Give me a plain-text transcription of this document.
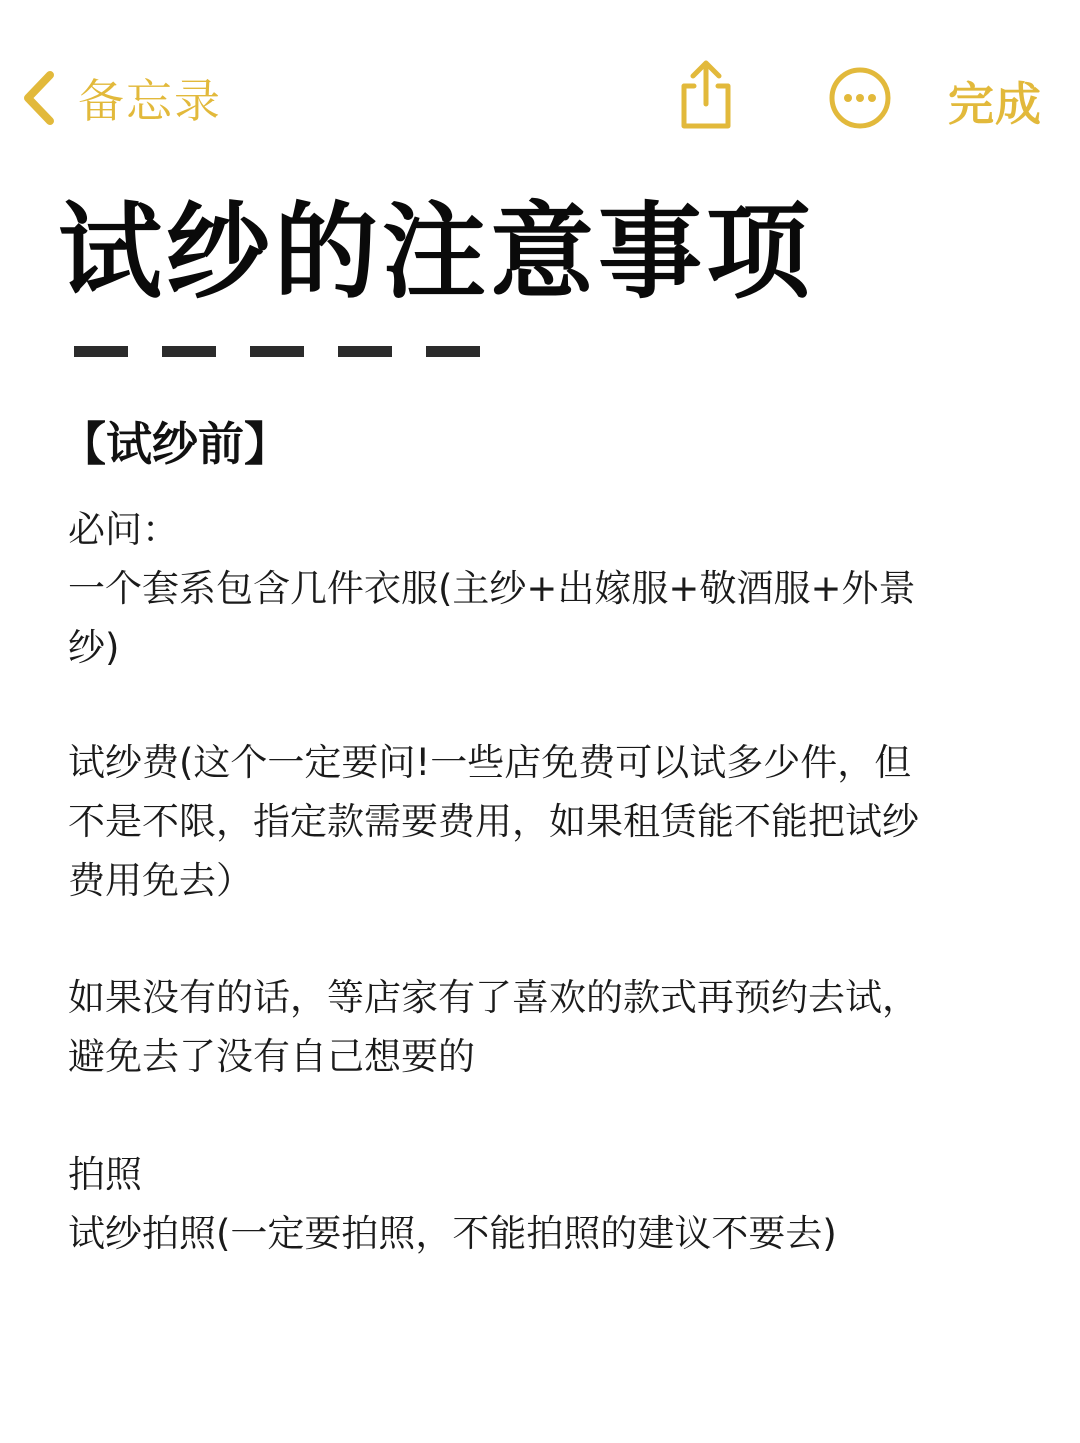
备忘录	完成
试纱的注意事项
【试纱前】
必问：
一个套系包含几件衣服(主纱+出嫁服+敬酒服+外景
纱)
试纱费(这个一定要问!一些店免费可以试多少件，但
不是不限，指定款需要费用，如果租赁能不能把试纱
费用免去）
如果没有的话，等店家有了喜欢的款式再预约去试，
避免去了没有自己想要的
拍照
试纱拍照(一定要拍照，不能拍照的建议不要去)
